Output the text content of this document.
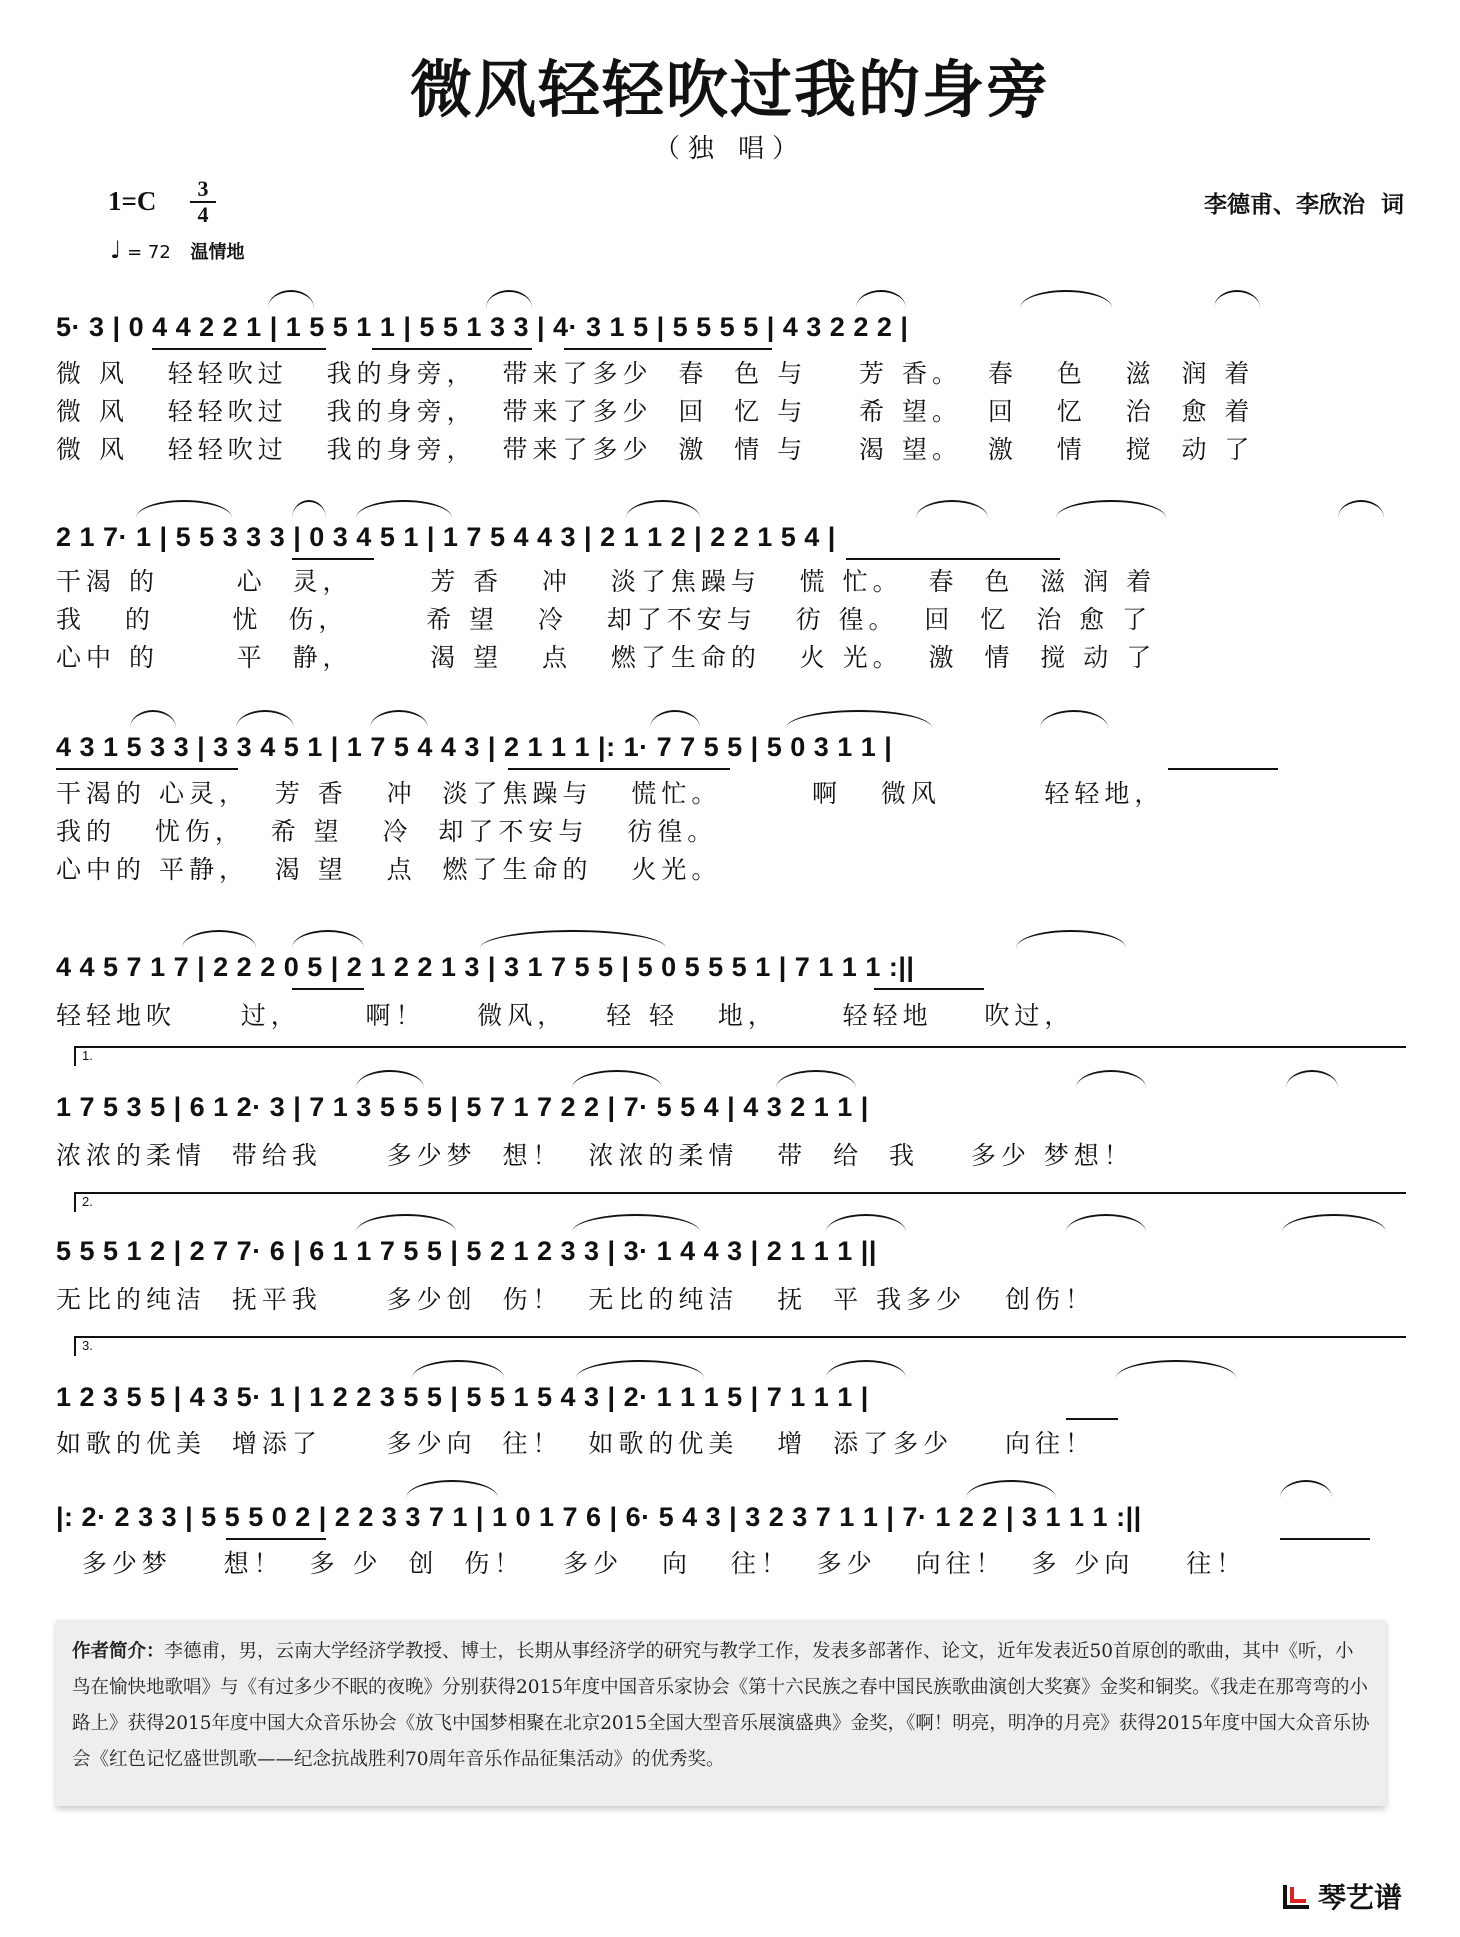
微风轻轻吹过我的身旁
（独 唱）
1=C	3
4	李德甫、李欣治  词
♩ = 72 温情地
5· 3 | 0 4 4 2 2 1 | 1 5 5 1 1 | 5 5 1 3 3 | 4· 3 1 5 | 5 5 5 5 | 4 3 2 2 2 |
微 风   轻轻吹过   我的身旁，  带来了多少  春  色 与    芳 香。  春   色   滋  润 着
微 风   轻轻吹过   我的身旁，  带来了多少  回  忆 与    希 望。  回   忆   治  愈 着
微 风   轻轻吹过   我的身旁，  带来了多少  激  情 与    渴 望。  激   情   搅  动 了
2 1 7· 1 | 5 5 3 3 3 | 0 3 4 5 1 | 1 7 5 4 4 3 | 2 1 1 2 | 2 2 1 5 4 |
干渴 的      心  灵，      芳 香   冲   淡了焦躁与   慌 忙。  春  色  滋 润 着
我   的      忧  伤，      希 望   冷   却了不安与   彷 徨。  回  忆  治 愈 了
心中 的      平  静，      渴 望   点   燃了生命的   火 光。  激  情  搅 动 了
4 3 1 5 3 3 | 3 3 4 5 1 | 1 7 5 4 4 3 | 2 1 1 1 |: 1· 7 7 5 5 | 5 0 3 1 1 |
干渴的 心灵，  芳 香   冲  淡了焦躁与   慌忙。       啊   微风        轻轻地，
我的   忧伤，  希 望   冷  却了不安与   彷徨。
心中的 平静，  渴 望   点  燃了生命的   火光。
4 4 5 7 1 7 | 2 2 2 0 5 | 2 1 2 2 1 3 | 3 1 7 5 5 | 5 0 5 5 5 1 | 7 1 1 1 :||
轻轻地吹     过，     啊！    微风，   轻 轻   地，     轻轻地    吹过，
1.
1 7 5 3 5 | 6 1 2· 3 | 7 1 3 5 5 5 | 5 7 1 7 2 2 | 7· 5 5 4 | 4 3 2 1 1 |
浓浓的柔情  带给我     多少梦  想！  浓浓的柔情   带  给  我    多少 梦想！
2.
5 5 5 1 2 | 2 7 7· 6 | 6 1 1 7 5 5 | 5 2 1 2 3 3 | 3· 1 4 4 3 | 2 1 1 1 ||
无比的纯洁  抚平我     多少创  伤！  无比的纯洁   抚  平 我多少   创伤！
3.
1 2 3 5 5 | 4 3 5· 1 | 1 2 2 3 5 5 | 5 5 1 5 4 3 | 2· 1 1 1 5 | 7 1 1 1 |
如歌的优美  增添了     多少向  往！  如歌的优美   增  添了多少    向往！
|: 2· 2 3 3 | 5 5 5 0 2 | 2 2 3 3 7 1 | 1 0 1 7 6 | 6· 5 4 3 | 3 2 3 7 1 1 | 7· 1 2 2 | 3 1 1 1 :||
多少梦    想！  多 少  创  伤！   多少   向   往！  多少   向往！  多 少向    往！

作者简介：李德甫，男，云南大学经济学教授、博士，长期从事经济学的研究与教学工作，发表多部著作、论文，近年发表近50首原创的歌曲，其中《听，小鸟在愉快地歌唱》与《有过多少不眠的夜晚》分别获得2015年度中国音乐家协会《第十六民族之春中国民族歌曲演创大奖赛》金奖和铜奖。《我走在那弯弯的小路上》获得2015年度中国大众音乐协会《放飞中国梦相聚在北京2015全国大型音乐展演盛典》金奖，《啊！明亮，明净的月亮》获得2015年度中国大众音乐协会《红色记忆盛世凯歌——纪念抗战胜利70周年音乐作品征集活动》的优秀奖。

琴艺谱
